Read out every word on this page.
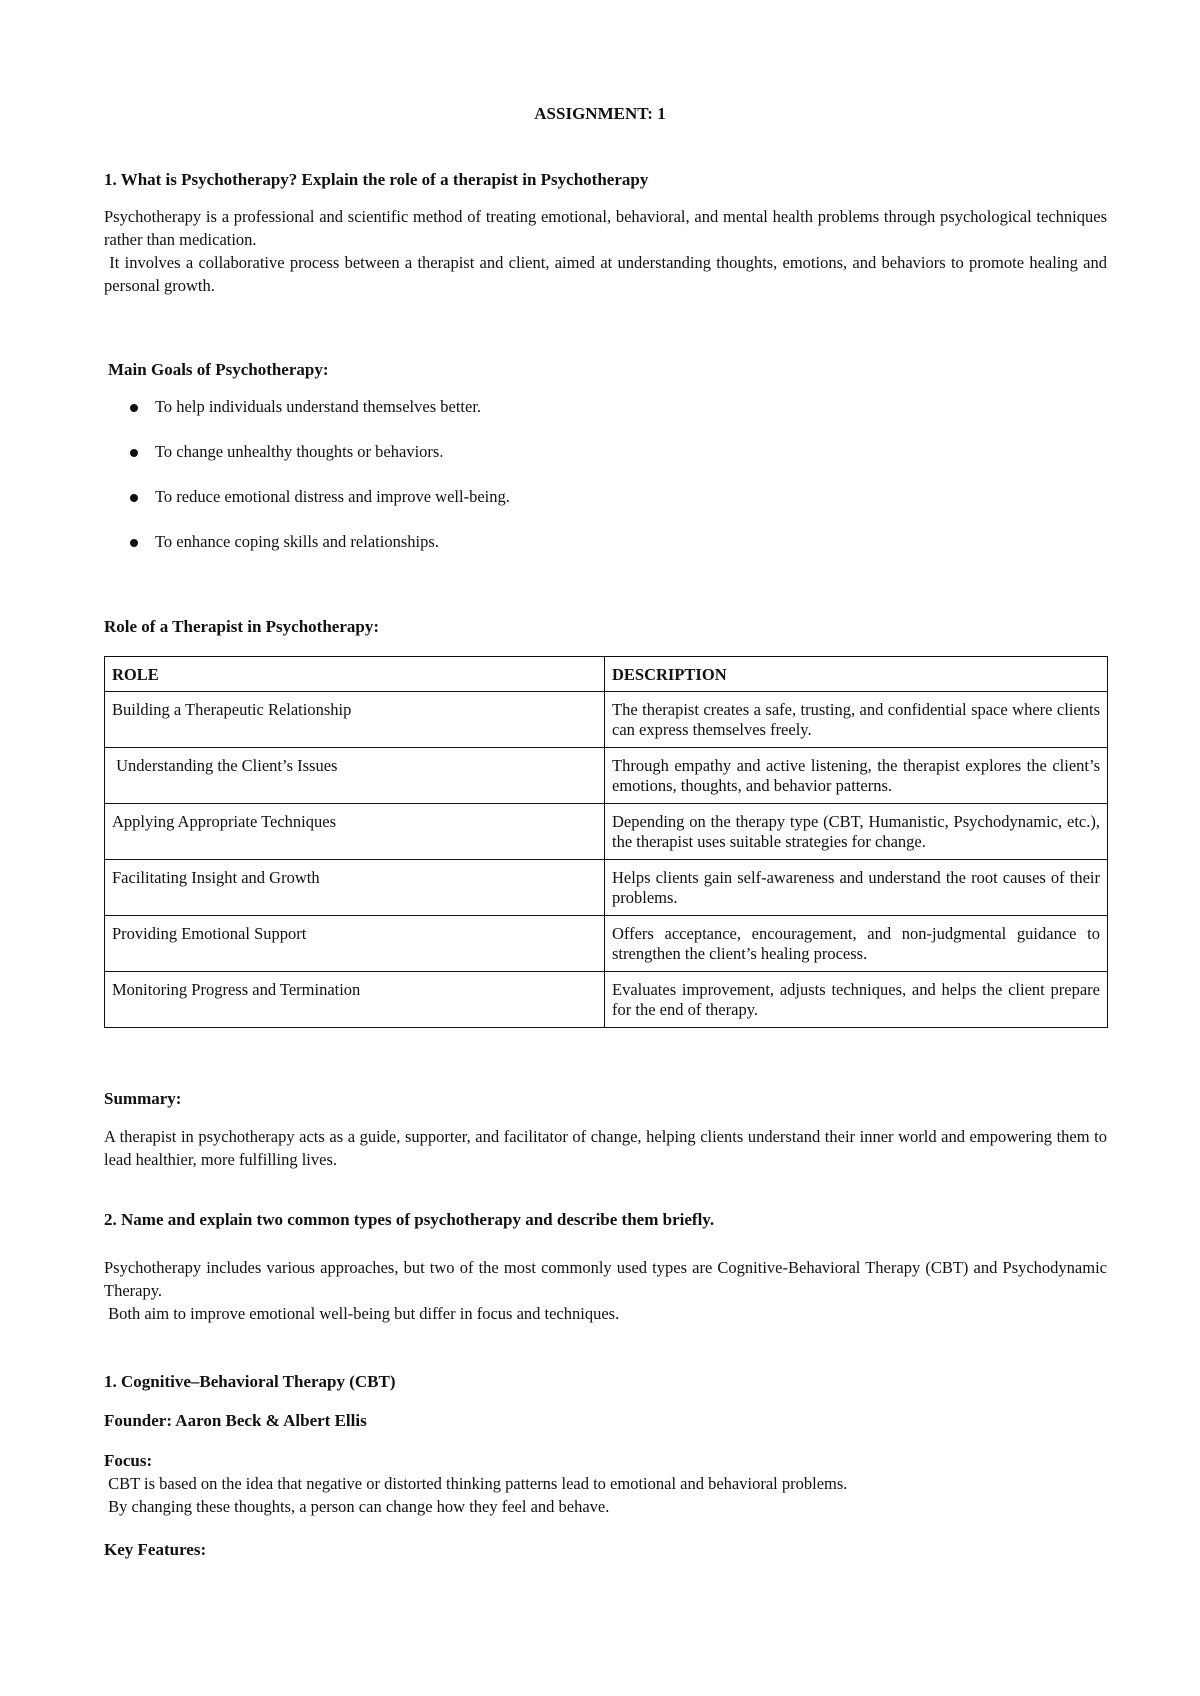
ASSIGNMENT: 1
1. What is Psychotherapy? Explain the role of a therapist in Psychotherapy
Psychotherapy is a professional and scientific method of treating emotional, behavioral, and mental health problems through psychological techniques rather than medication.
It involves a collaborative process between a therapist and client, aimed at understanding thoughts, emotions, and behaviors to promote healing and personal growth.
Main Goals of Psychotherapy:
To help individuals understand themselves better.
To change unhealthy thoughts or behaviors.
To reduce emotional distress and improve well-being.
To enhance coping skills and relationships.
Role of a Therapist in Psychotherapy:
ROLE	DESCRIPTION
Building a Therapeutic Relationship	The therapist creates a safe, trusting, and confidential space where clients can express themselves freely.
Understanding the Client’s Issues	Through empathy and active listening, the therapist explores the client’s emotions, thoughts, and behavior patterns.
Applying Appropriate Techniques	Depending on the therapy type (CBT, Humanistic, Psychodynamic, etc.), the therapist uses suitable strategies for change.
Facilitating Insight and Growth	Helps clients gain self-awareness and understand the root causes of their problems.
Providing Emotional Support	Offers acceptance, encouragement, and non-judgmental guidance to strengthen the client’s healing process.
Monitoring Progress and Termination	Evaluates improvement, adjusts techniques, and helps the client prepare for the end of therapy.
Summary:
A therapist in psychotherapy acts as a guide, supporter, and facilitator of change, helping clients understand their inner world and empowering them to lead healthier, more fulfilling lives.
2. Name and explain two common types of psychotherapy and describe them briefly.
Psychotherapy includes various approaches, but two of the most commonly used types are Cognitive-Behavioral Therapy (CBT) and Psychodynamic Therapy.
Both aim to improve emotional well-being but differ in focus and techniques.
1. Cognitive–Behavioral Therapy (CBT)
Founder: Aaron Beck & Albert Ellis
Focus:
CBT is based on the idea that negative or distorted thinking patterns lead to emotional and behavioral problems.
By changing these thoughts, a person can change how they feel and behave.
Key Features:
